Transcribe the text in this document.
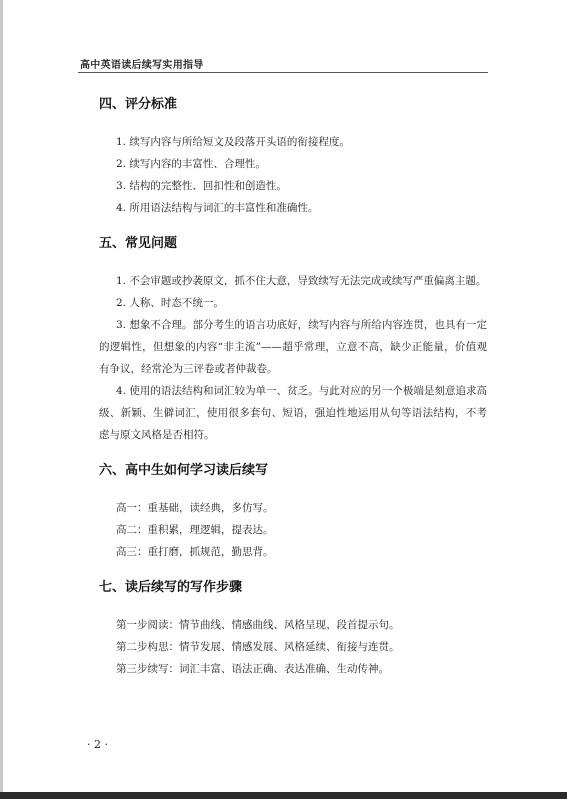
高中英语读后续写实用指导
四、评分标准

1. 续写内容与所给短文及段落开头语的衔接程度。

2. 续写内容的丰富性、合理性。

3. 结构的完整性、回扣性和创造性。

4. 所用语法结构与词汇的丰富性和准确性。

五、常见问题

1. 不会审题或抄袭原文，抓不住大意，导致续写无法完成或续写严重偏离主题。

2. 人称、时态不统一。

3. 想象不合理。部分考生的语言功底好，续写内容与所给内容连贯，也具有一定的逻辑性，但想象的内容“非主流”——超乎常理，立意不高，缺少正能量，价值观有争议，经常沦为三评卷或者仲裁卷。

4. 使用的语法结构和词汇较为单一、贫乏。与此对应的另一个极端是刻意追求高级、新颖、生僻词汇，使用很多套句、短语，强迫性地运用从句等语法结构，不考虑与原文风格是否相符。

六、高中生如何学习读后续写

高一：重基础，读经典，多仿写。

高二：重积累，理逻辑，提表达。

高三：重打磨，抓规范，勤思背。

七、读后续写的写作步骤

第一步阅读：情节曲线、情感曲线、风格呈现、段首提示句。

第二步构思：情节发展、情感发展、风格延续、衔接与连贯。

第三步续写：词汇丰富、语法正确、表达准确、生动传神。

· 2 ·
